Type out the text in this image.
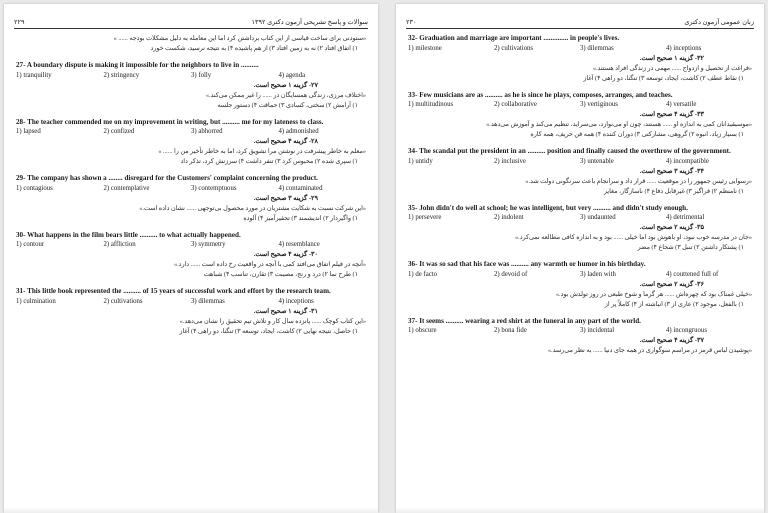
سوالات و پاسخ تشریحی آزمون دکتری ۱۳۹۲
۲۲۹
«ستودنی برای ساخت قیاسی از این کتاب برداشتن کرد اما این معامله به دلیل مشکلات بودجه ...... »
۱) اتفاق افتاد ۲) نه به زمین افتاد ۳) از هم پاشیده ۴) به نتیجه نرسید، شکست خورد
27- A boundary dispute is making it impossible for the neighbors to live in ..........
1) tranquility	2) stringency	3) folly	4) agenda
۲۷- گزینه ۱ صحیح است.
«اختلاف مرزی، زندگی همسایگان در ...... را غیر ممکن می‌کند.»
۱) آرامش ۲) سختی، کسادی ۳) حماقت ۴) دستور جلسه
28- The teacher commended me on my improvement in writing, but .......... me for my lateness to class.
1) lapsed	2) confized	3) abhorred	4) admonished
۲۸- گزینه ۴ صحیح است.
«معلم به خاطر پیشرفت در نوشتن مرا تشویق کرد، اما به خاطر تأخیر من را ...... »
۱) سپری شده ۲) محبوس کرد ۳) تنفر داشت ۴) سرزنش کرد، تذکر داد
29- The company has shown a ........ disregard for the Customers' complaint concerning the product.
1) contagious	2) contemplative	3) contemptuous	4) contaminated
۲۹- گزینه ۳ صحیح است.
«این شرکت نسبت به شکایت مشتریان در مورد محصول بی‌توجهی ...... نشان داده است.»
۱) واگیردار ۲) اندیشمند ۳) تحقیرآمیز ۴) آلوده
30- What happens in the film bears little .......... to what actually happened.
1) contour	2) affliction	3) symmetry	4) resemblance
۳۰- گزینه ۴ صحیح است.
«آنچه در فیلم اتفاق می‌افتد کمی با آنچه در واقعیت رخ داده است ...... دارد.»
۱) طرح نما ۲) درد و رنج، مصیبت ۳) تقارن، تناسب ۴) شباهت
31- This little book represented the .......... of 15 years of successful work and effort by the research team.
1) culmination	2) cultivations	3) dilemmas	4) inceptions
۳۱- گزینه ۱ صحیح است.
«این کتاب کوچک ...... پانزده سال کار و تلاش تیم تحقیق را نشان می‌دهد.»
۱) حاصل، نتیجه نهایی ۲) کاشت، ایجاد، توسعه ۳) تنگنا، دو راهی ۴) آغاز
زبان عمومی آزمون دکتری
۲۳۰
32- Graduation and marriage are important .............. in people's lives.
1) milestone	2) cultivations	3) dilemmas	4) inceptions
۳۲- گزینه ۱ صحیح است.
«فراغت از تحصیل و ازدواج ...... مهمی در زندگی افراد هستند.»
۱) نقاط عطف ۲) کاشت، ایجاد، توسعه ۳) تنگنا، دو راهی ۴) آغاز
33- Few musicians are as .......... as he is since he plays, composes, arranges, and teaches.
1) multitudinous	2) collaborative	3) vertiginous	4) versatile
۳۳- گزینه ۴ صحیح است.
«موسیقیدانان کمی به اندازه او ...... هستند، چون او می‌نوازد، می‌سراید، تنظیم می‌کند و آموزش می‌دهد.»
۱) بسیار زیاد، انبوه ۲) گروهی، مشارکتی ۳) دوران کننده ۴) همه فن حریف، همه کاره
34- The scandal put the president in an .......... position and finally caused the overthrow of the government.
1) untidy	2) inclusive	3) untenable	4) incompatible
۳۴- گزینه ۳ صحیح است.
«رسوایی رئیس جمهور را در موقعیت ...... قرار داد و سرانجام باعث سرنگونی دولت شد.»
۱) نامنظم ۲) فراگیر ۳) غیرقابل دفاع ۴) ناسازگار، مغایر
35- John didn't do well at school; he was intelligent, but very .......... and didn't study enough.
1) persevere	2) indolent	3) undaunted	4) detrimental
۳۵- گزینه ۲ صحیح است.
«جان در مدرسه خوب نبود، او باهوش بود اما خیلی ...... بود و به اندازه کافی مطالعه نمی‌کرد.»
۱) پشتکار داشتن ۲) تنبل ۳) شجاع ۴) مضر
36- It was so sad that his face was .......... any warmth or humor in his birthday.
1) de facto	2) devoid of	3) laden with	4) couttened full of
۳۶- گزینه ۲ صحیح است.
«خیلی غمناک بود که چهره‌اش ...... هر گرما و شوخ طبعی در روز تولدش بود.»
۱) بالفعل، موجود ۲) عاری از ۳) انباشته از ۴) کاملاً پر از
37- It seems .......... wearing a red shirt at the funeral in any part of the world.
1) obscure	2) bona fide	3) incidental	4) incongruous
۳۷- گزینه ۴ صحیح است.
«پوشیدن لباس قرمز در مراسم سوگواری در همه جای دنیا ...... به نظر می‌رسد.»
